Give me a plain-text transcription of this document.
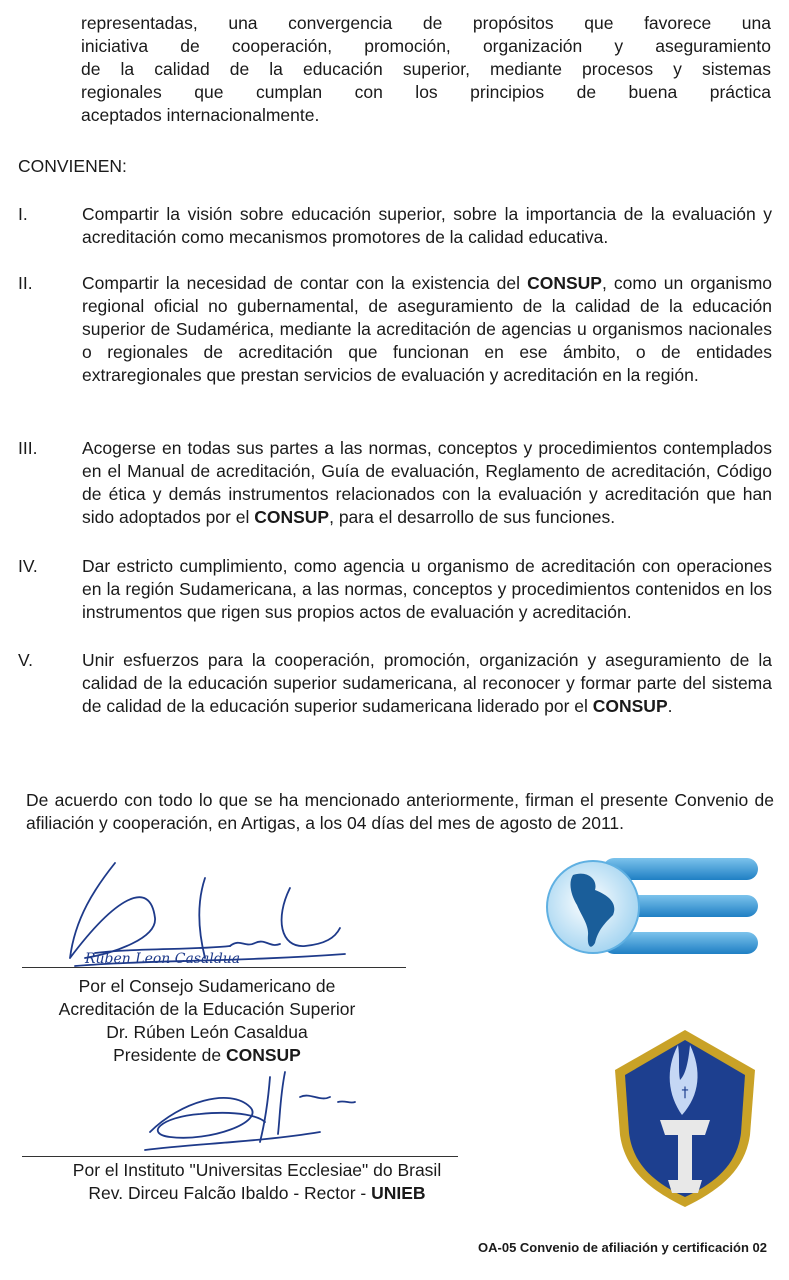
representadas, una convergencia de propósitos que favorece una
iniciativa de cooperación, promoción, organización y aseguramiento
de la calidad de la educación superior, mediante procesos y sistemas
regionales que cumplan con los principios de buena práctica
aceptados internacionalmente.
CONVIENEN:
I.	Compartir la visión sobre educación superior, sobre la importancia de la evaluación y acreditación como mecanismos promotores de la calidad educativa.
II.	Compartir la necesidad de contar con la existencia del CONSUP, como un organismo regional oficial no gubernamental, de aseguramiento de la calidad de la educación superior de Sudamérica, mediante la acreditación de agencias u organismos nacionales o regionales de acreditación que funcionan en ese ámbito, o de entidades extraregionales que prestan servicios de evaluación y acreditación en la región.
III.	Acogerse en todas sus partes a las normas, conceptos y procedimientos contemplados en el Manual de acreditación, Guía de evaluación, Reglamento de acreditación, Código de ética y demás instrumentos relacionados con la evaluación y acreditación que han sido adoptados por el CONSUP, para el desarrollo de sus funciones.
IV.	Dar estricto cumplimiento, como agencia u organismo de acreditación con operaciones en la región Sudamericana, a las normas, conceptos y procedimientos contenidos en los instrumentos que rigen sus propios actos de evaluación y acreditación.
V.	Unir esfuerzos para la cooperación, promoción, organización y aseguramiento de la calidad de la educación superior sudamericana, al reconocer y formar parte del sistema de calidad de la educación superior sudamericana liderado por el CONSUP.
De acuerdo con todo lo que se ha mencionado anteriormente, firman el presente Convenio de afiliación y cooperación, en Artigas, a los 04 días del mes de agosto de 2011.
Ruben Leon Casaldua
Por el Consejo Sudamericano de
Acreditación de la Educación Superior
Dr. Rúben León Casaldua
Presidente de CONSUP
Por el Instituto "Universitas Ecclesiae" do Brasil
Rev. Dirceu Falcão Ibaldo - Rector - UNIEB
†
OA-05 Convenio de afiliación y certificación 02
